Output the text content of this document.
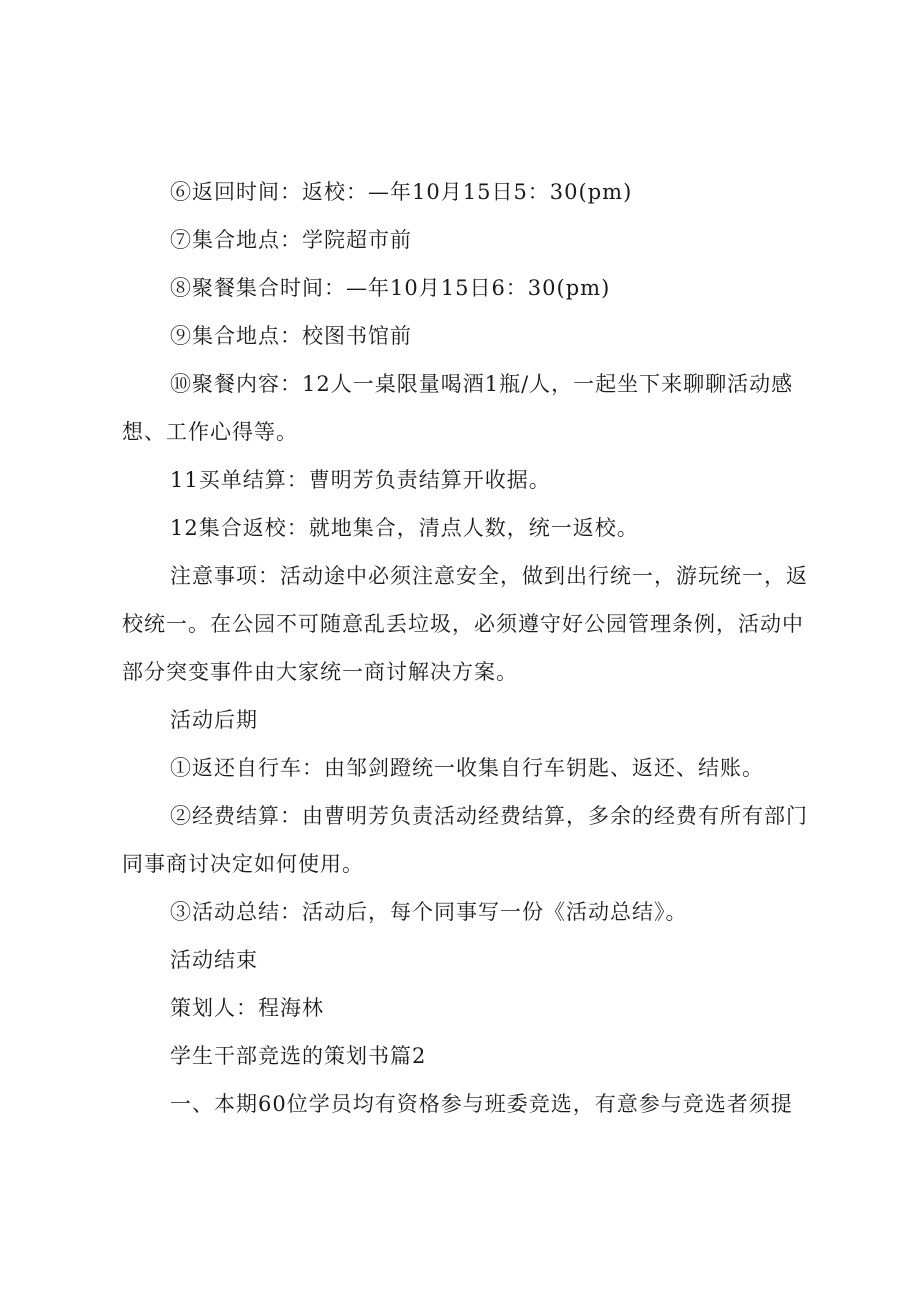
⑥返回时间：返校：—年10月15日5：30(pm)

⑦集合地点：学院超市前

⑧聚餐集合时间：—年10月15日6：30(pm)

⑨集合地点：校图书馆前

⑩聚餐内容：12人一桌限量喝酒1瓶/人，一起坐下来聊聊活动感想、工作心得等。

11买单结算：曹明芳负责结算开收据。

12集合返校：就地集合，清点人数，统一返校。

注意事项：活动途中必须注意安全，做到出行统一，游玩统一，返校统一。在公园不可随意乱丢垃圾，必须遵守好公园管理条例，活动中部分突变事件由大家统一商讨解决方案。

活动后期

①返还自行车：由邹剑蹬统一收集自行车钥匙、返还、结账。

②经费结算：由曹明芳负责活动经费结算，多余的经费有所有部门同事商讨决定如何使用。

③活动总结：活动后，每个同事写一份《活动总结》。

活动结束

策划人：程海林

学生干部竞选的策划书篇2

一、本期60位学员均有资格参与班委竞选，有意参与竞选者须提
